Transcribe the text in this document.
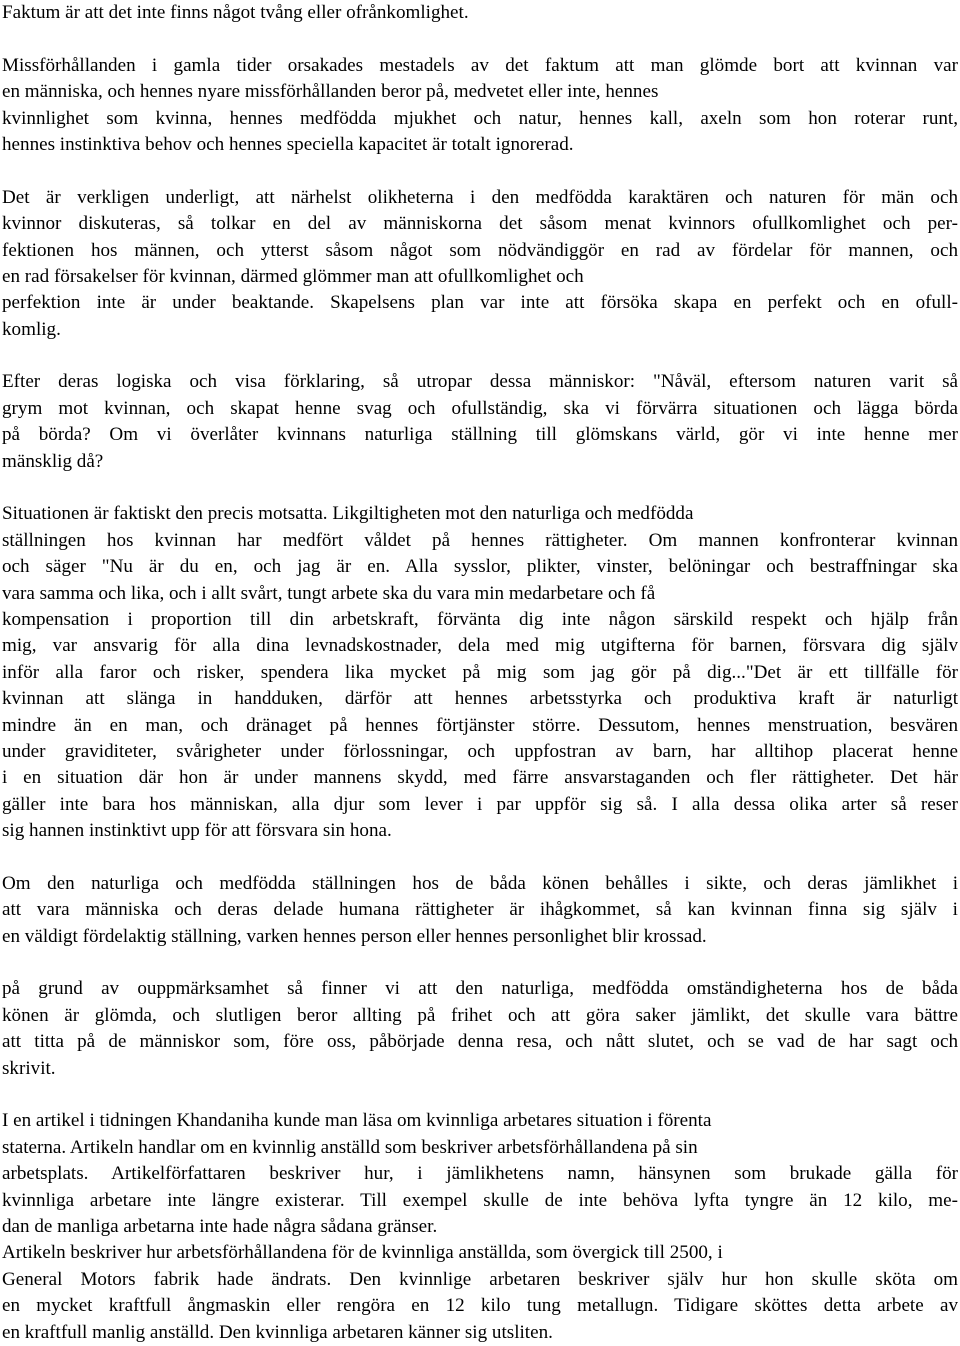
Faktum är att det inte finns något tvång eller ofrånkomlighet.
Missförhållanden i gamla tider orsakades mestadels av det faktum att man glömde bort att kvinnan var
en människa, och hennes nyare missförhållanden beror på, medvetet eller inte, hennes
kvinnlighet som kvinna, hennes medfödda mjukhet och natur, hennes kall, axeln som hon roterar runt,
hennes instinktiva behov och hennes speciella kapacitet är totalt ignorerad.
Det är verkligen underligt, att närhelst olikheterna i den medfödda karaktären och naturen för män och
kvinnor diskuteras, så tolkar en del av människorna det såsom menat kvinnors ofullkomlighet och per-
fektionen hos männen, och ytterst såsom något som nödvändiggör en rad av fördelar för mannen, och
en rad försakelser för kvinnan, därmed glömmer man att ofullkomlighet och
perfektion inte är under beaktande. Skapelsens plan var inte att försöka skapa en perfekt och en ofull-
komlig.
Efter deras logiska och visa förklaring, så utropar dessa människor: "Nåväl, eftersom naturen varit så
grym mot kvinnan, och skapat henne svag och ofullständig, ska vi förvärra situationen och lägga börda
på börda? Om vi överlåter kvinnans naturliga ställning till glömskans värld, gör vi inte henne mer
mänsklig då?
Situationen är faktiskt den precis motsatta. Likgiltigheten mot den naturliga och medfödda
ställningen hos kvinnan har medfört våldet på hennes rättigheter. Om mannen konfronterar kvinnan
och säger "Nu är du en, och jag är en. Alla sysslor, plikter, vinster, belöningar och bestraffningar ska
vara samma och lika, och i allt svårt, tungt arbete ska du vara min medarbetare och få
kompensation i proportion till din arbetskraft, förvänta dig inte någon särskild respekt och hjälp från
mig, var ansvarig för alla dina levnadskostnader, dela med mig utgifterna för barnen, försvara dig själv
inför alla faror och risker, spendera lika mycket på mig som jag gör på dig..."Det är ett tillfälle för
kvinnan att slänga in handduken, därför att hennes arbetsstyrka och produktiva kraft är naturligt
mindre än en man, och dränaget på hennes förtjänster större. Dessutom, hennes menstruation, besvären
under graviditeter, svårigheter under förlossningar, och uppfostran av barn, har alltihop placerat henne
i en situation där hon är under mannens skydd, med färre ansvarstaganden och fler rättigheter. Det här
gäller inte bara hos människan, alla djur som lever i par uppför sig så. I alla dessa olika arter så reser
sig hannen instinktivt upp för att försvara sin hona.
Om den naturliga och medfödda ställningen hos de båda könen behålles i sikte, och deras jämlikhet i
att vara människa och deras delade humana rättigheter är ihågkommet, så kan kvinnan finna sig själv i
en väldigt fördelaktig ställning, varken hennes person eller hennes personlighet blir krossad.
på grund av ouppmärksamhet så finner vi att den naturliga, medfödda omständigheterna hos de båda
könen är glömda, och slutligen beror allting på frihet och att göra saker jämlikt, det skulle vara bättre
att titta på de människor som, före oss, påbörjade denna resa, och nått slutet, och se vad de har sagt och
skrivit.
I en artikel i tidningen Khandaniha kunde man läsa om kvinnliga arbetares situation i förenta
staterna. Artikeln handlar om en kvinnlig anställd som beskriver arbetsförhållandena på sin
arbetsplats. Artikelförfattaren beskriver hur, i jämlikhetens namn, hänsynen som brukade gälla för
kvinnliga arbetare inte längre existerar. Till exempel skulle de inte behöva lyfta tyngre än 12 kilo, me-
dan de manliga arbetarna inte hade några sådana gränser.
Artikeln beskriver hur arbetsförhållandena för de kvinnliga anställda, som övergick till 2500, i
General Motors fabrik hade ändrats. Den kvinnlige arbetaren beskriver själv hur hon skulle sköta om
en mycket kraftfull ångmaskin eller rengöra en 12 kilo tung metallugn. Tidigare sköttes detta arbete av
en kraftfull manlig anställd. Den kvinnliga arbetaren känner sig utsliten.
